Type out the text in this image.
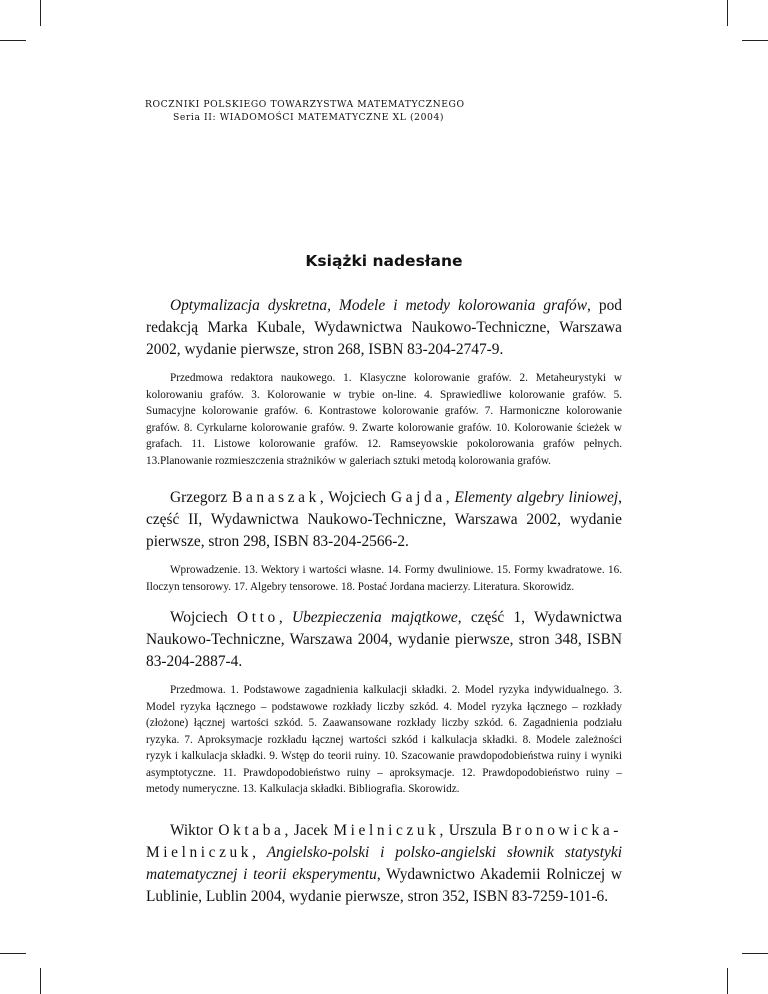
ROCZNIKI POLSKIEGO TOWARZYSTWA MATEMATYCZNEGO
Seria II: WIADOMOŚCI MATEMATYCZNE XL (2004)
Książki nadesłane

Optymalizacja dyskretna, Modele i metody kolorowania grafów, pod redakcją Marka Kubale, Wydawnictwa Naukowo-Techniczne, Warszawa 2002, wydanie pierwsze, stron 268, ISBN 83-204-2747-9.

Przedmowa redaktora naukowego. 1. Klasyczne kolorowanie grafów. 2. Metaheurystyki w kolorowaniu grafów. 3. Kolorowanie w trybie on-line. 4. Sprawiedliwe kolorowanie grafów. 5. Sumacyjne kolorowanie grafów. 6. Kontrastowe kolorowanie grafów. 7. Harmoniczne kolorowanie grafów. 8. Cyrkularne kolorowanie grafów. 9. Zwarte kolorowanie grafów. 10. Kolorowanie ścieżek w grafach. 11. Listowe kolorowanie grafów. 12. Ramseyowskie pokolorowania grafów pełnych. 13.Planowanie rozmieszczenia strażników w galeriach sztuki metodą kolorowania grafów.

Grzegorz Banaszak, Wojciech Gajda, Elementy algebry liniowej, część II, Wydawnictwa Naukowo-Techniczne, Warszawa 2002, wydanie pierwsze, stron 298, ISBN 83-204-2566-2.

Wprowadzenie. 13. Wektory i wartości własne. 14. Formy dwuliniowe. 15. Formy kwadratowe. 16. Iloczyn tensorowy. 17. Algebry tensorowe. 18. Postać Jordana macierzy. Literatura. Skorowidz.

Wojciech Otto, Ubezpieczenia majątkowe, część 1, Wydawnictwa Naukowo-Techniczne, Warszawa 2004, wydanie pierwsze, stron 348, ISBN 83-204-2887-4.

Przedmowa. 1. Podstawowe zagadnienia kalkulacji składki. 2. Model ryzyka indywidualnego. 3. Model ryzyka łącznego – podstawowe rozkłady liczby szkód. 4. Model ryzyka łącznego – rozkłady (złożone) łącznej wartości szkód. 5. Zaawansowane rozkłady liczby szkód. 6. Zagadnienia podziału ryzyka. 7. Aproksymacje rozkładu łącznej wartości szkód i kalkulacja składki. 8. Modele zależności ryzyk i kalkulacja składki. 9. Wstęp do teorii ruiny. 10. Szacowanie prawdopodobieństwa ruiny i wyniki asymptotyczne. 11. Prawdopodobieństwo ruiny – aproksymacje. 12. Prawdopodobieństwo ruiny – metody numeryczne. 13. Kalkulacja składki. Bibliografia. Skorowidz.

Wiktor Oktaba, Jacek Mielniczuk, Urszula Bronowicka-Mielniczuk, Angielsko-polski i polsko-angielski słownik statystyki matematycznej i teorii eksperymentu, Wydawnictwo Akademii Rolniczej w Lublinie, Lublin 2004, wydanie pierwsze, stron 352, ISBN 83-7259-101-6.
